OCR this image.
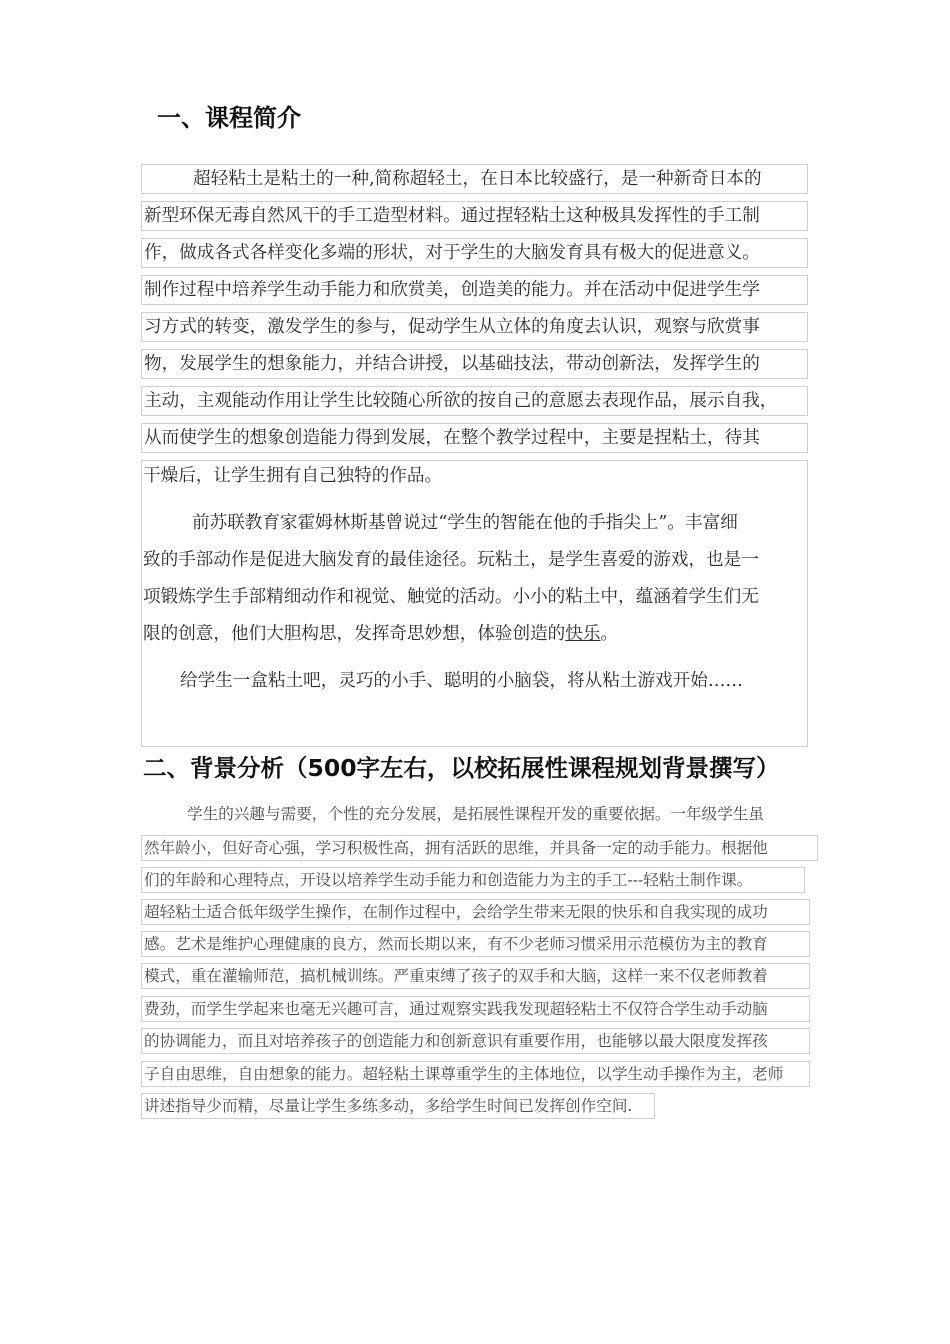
一、课程简介
超轻粘土是粘土的一种,简称超轻土，在日本比较盛行，是一种新奇日本的
新型环保无毒自然风干的手工造型材料。通过捏轻粘土这种极具发挥性的手工制
作，做成各式各样变化多端的形状，对于学生的大脑发育具有极大的促进意义。
制作过程中培养学生动手能力和欣赏美，创造美的能力。并在活动中促进学生学
习方式的转变，激发学生的参与，促动学生从立体的角度去认识，观察与欣赏事
物，发展学生的想象能力，并结合讲授，以基础技法，带动创新法，发挥学生的
主动，主观能动作用让学生比较随心所欲的按自己的意愿去表现作品，展示自我，
从而使学生的想象创造能力得到发展，在整个教学过程中，主要是捏粘土，待其
干燥后，让学生拥有自己独特的作品。
前苏联教育家霍姆林斯基曾说过“学生的智能在他的手指尖上”。丰富细
致的手部动作是促进大脑发育的最佳途径。玩粘土，是学生喜爱的游戏，也是一
项锻炼学生手部精细动作和视觉、触觉的活动。小小的粘土中，蕴涵着学生们无
限的创意，他们大胆构思，发挥奇思妙想，体验创造的快乐。
给学生一盒粘土吧，灵巧的小手、聪明的小脑袋，将从粘土游戏开始……
二、背景分析（500字左右，以校拓展性课程规划背景撰写）
学生的兴趣与需要，个性的充分发展，是拓展性课程开发的重要依据。一年级学生虽
然年龄小，但好奇心强，学习积极性高，拥有活跃的思维，并具备一定的动手能力。根据他
们的年龄和心理特点，开设以培养学生动手能力和创造能力为主的手工---轻粘土制作课。
超轻粘土适合低年级学生操作，在制作过程中，会给学生带来无限的快乐和自我实现的成功
感。艺术是维护心理健康的良方，然而长期以来，有不少老师习惯采用示范模仿为主的教育
模式，重在灌输师范，搞机械训练。严重束缚了孩子的双手和大脑，这样一来不仅老师教着
费劲，而学生学起来也毫无兴趣可言，通过观察实践我发现超轻粘土不仅符合学生动手动脑
的协调能力，而且对培养孩子的创造能力和创新意识有重要作用，也能够以最大限度发挥孩
子自由思维，自由想象的能力。超轻粘土课尊重学生的主体地位，以学生动手操作为主，老师
讲述指导少而精，尽量让学生多练多动，多给学生时间已发挥创作空间.
